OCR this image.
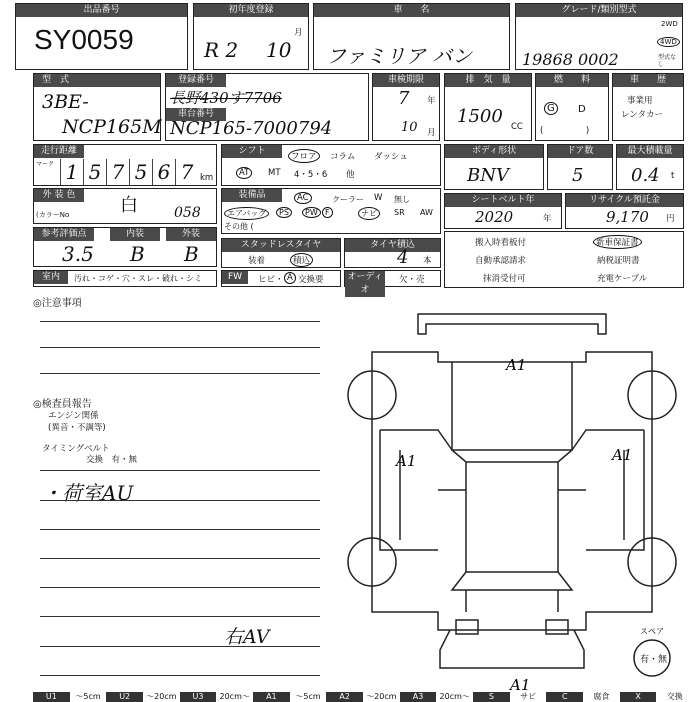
出品番号
SY0059
初年度登録
R 2 10
月
車　　名
ファミリア バン
グレード/類別型式
19868 0002
2WD
4WD
型式なし
型　式
3BE-
NCP165M
登録番号
長野430す7706
車台番号
NCP165-7000794
車検期限
7 年
10 月
排　気　量
1500 CC
燃　　料
G	D
(　　　　　)
車　　歴
事業用
レンタカー
走行距離
マーク 1 5 7 5 6 7 km
シフト
フロア	コラム ダッシュ
AT	MT 4・5・6 他
ボディ形状
BNV
ドア数
5
最大積載量
0.4 t
外 装 色	白
(カラーNo	058
装備品	AC	クーラー W 無し
エアバッグ	PS	PW F	ナビ	SR AW
その他 (
シートベルト年
2020	年
リサイクル預託金
9,170 円
参考評価点
3.5
内装
B
外装
B	スタッドレスタイヤ
装着	積込
タイヤ積込
4 本
搬入時看板付	新車保証書
自動承認請求	納税証明書
抹消受付可	充電ケーブル
室内	汚れ・コゲ・穴・スレ・破れ・シミ	FW	ヒビ・ A 交換要	オーディオ
欠・売
◎注意事項
◎検査員報告
エンジン関係
(異音・不調等)
タイミングベルト
交換　有・無
・荷室AU
右AV
A1
A1	A1
A1
スペア
有・無
U1	〜5cm	U2	〜20cm	U3	20cm〜	A1	〜5cm	A2	〜20cm	A3	20cm〜	S	サビ	C	腐食	X	交換
